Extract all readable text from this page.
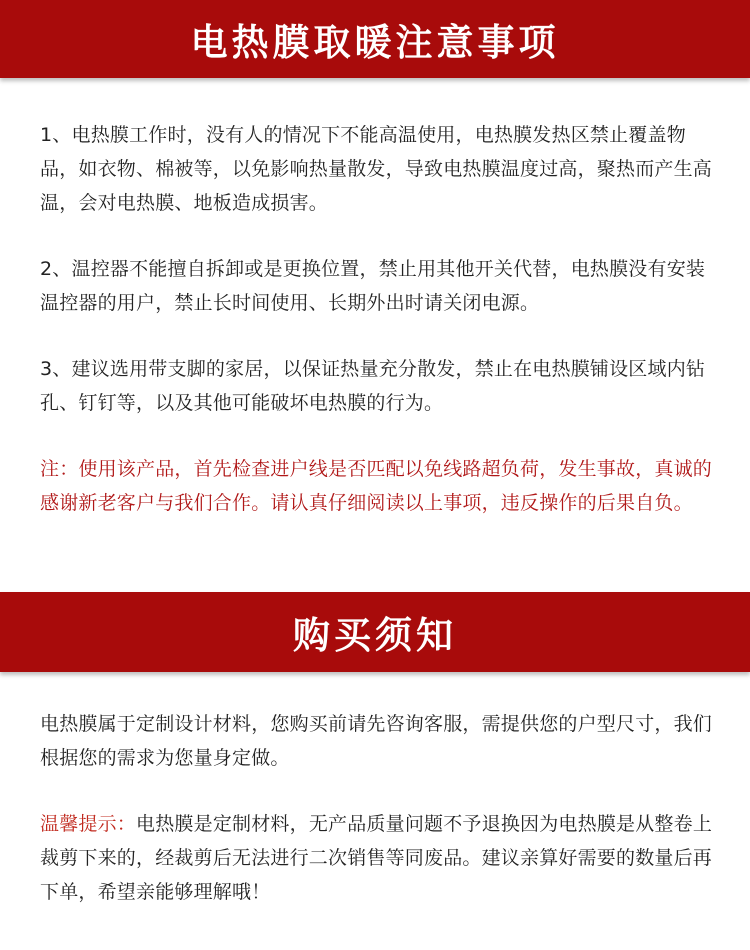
电热膜取暖注意事项

1、电热膜工作时，没有人的情况下不能高温使用，电热膜发热区禁止覆盖物品，如衣物、棉被等，以免影响热量散发，导致电热膜温度过高，聚热而产生高温，会对电热膜、地板造成损害。

2、温控器不能擅自拆卸或是更换位置，禁止用其他开关代替，电热膜没有安装温控器的用户，禁止长时间使用、长期外出时请关闭电源。

3、建议选用带支脚的家居，以保证热量充分散发，禁止在电热膜铺设区域内钻孔、钉钉等，以及其他可能破坏电热膜的行为。

注：使用该产品，首先检查进户线是否匹配以免线路超负荷，发生事故，真诚的感谢新老客户与我们合作。请认真仔细阅读以上事项，违反操作的后果自负。

购买须知

电热膜属于定制设计材料，您购买前请先咨询客服，需提供您的户型尺寸，我们根据您的需求为您量身定做。

温馨提示：电热膜是定制材料，无产品质量问题不予退换因为电热膜是从整卷上裁剪下来的，经裁剪后无法进行二次销售等同废品。建议亲算好需要的数量后再下单，希望亲能够理解哦！
